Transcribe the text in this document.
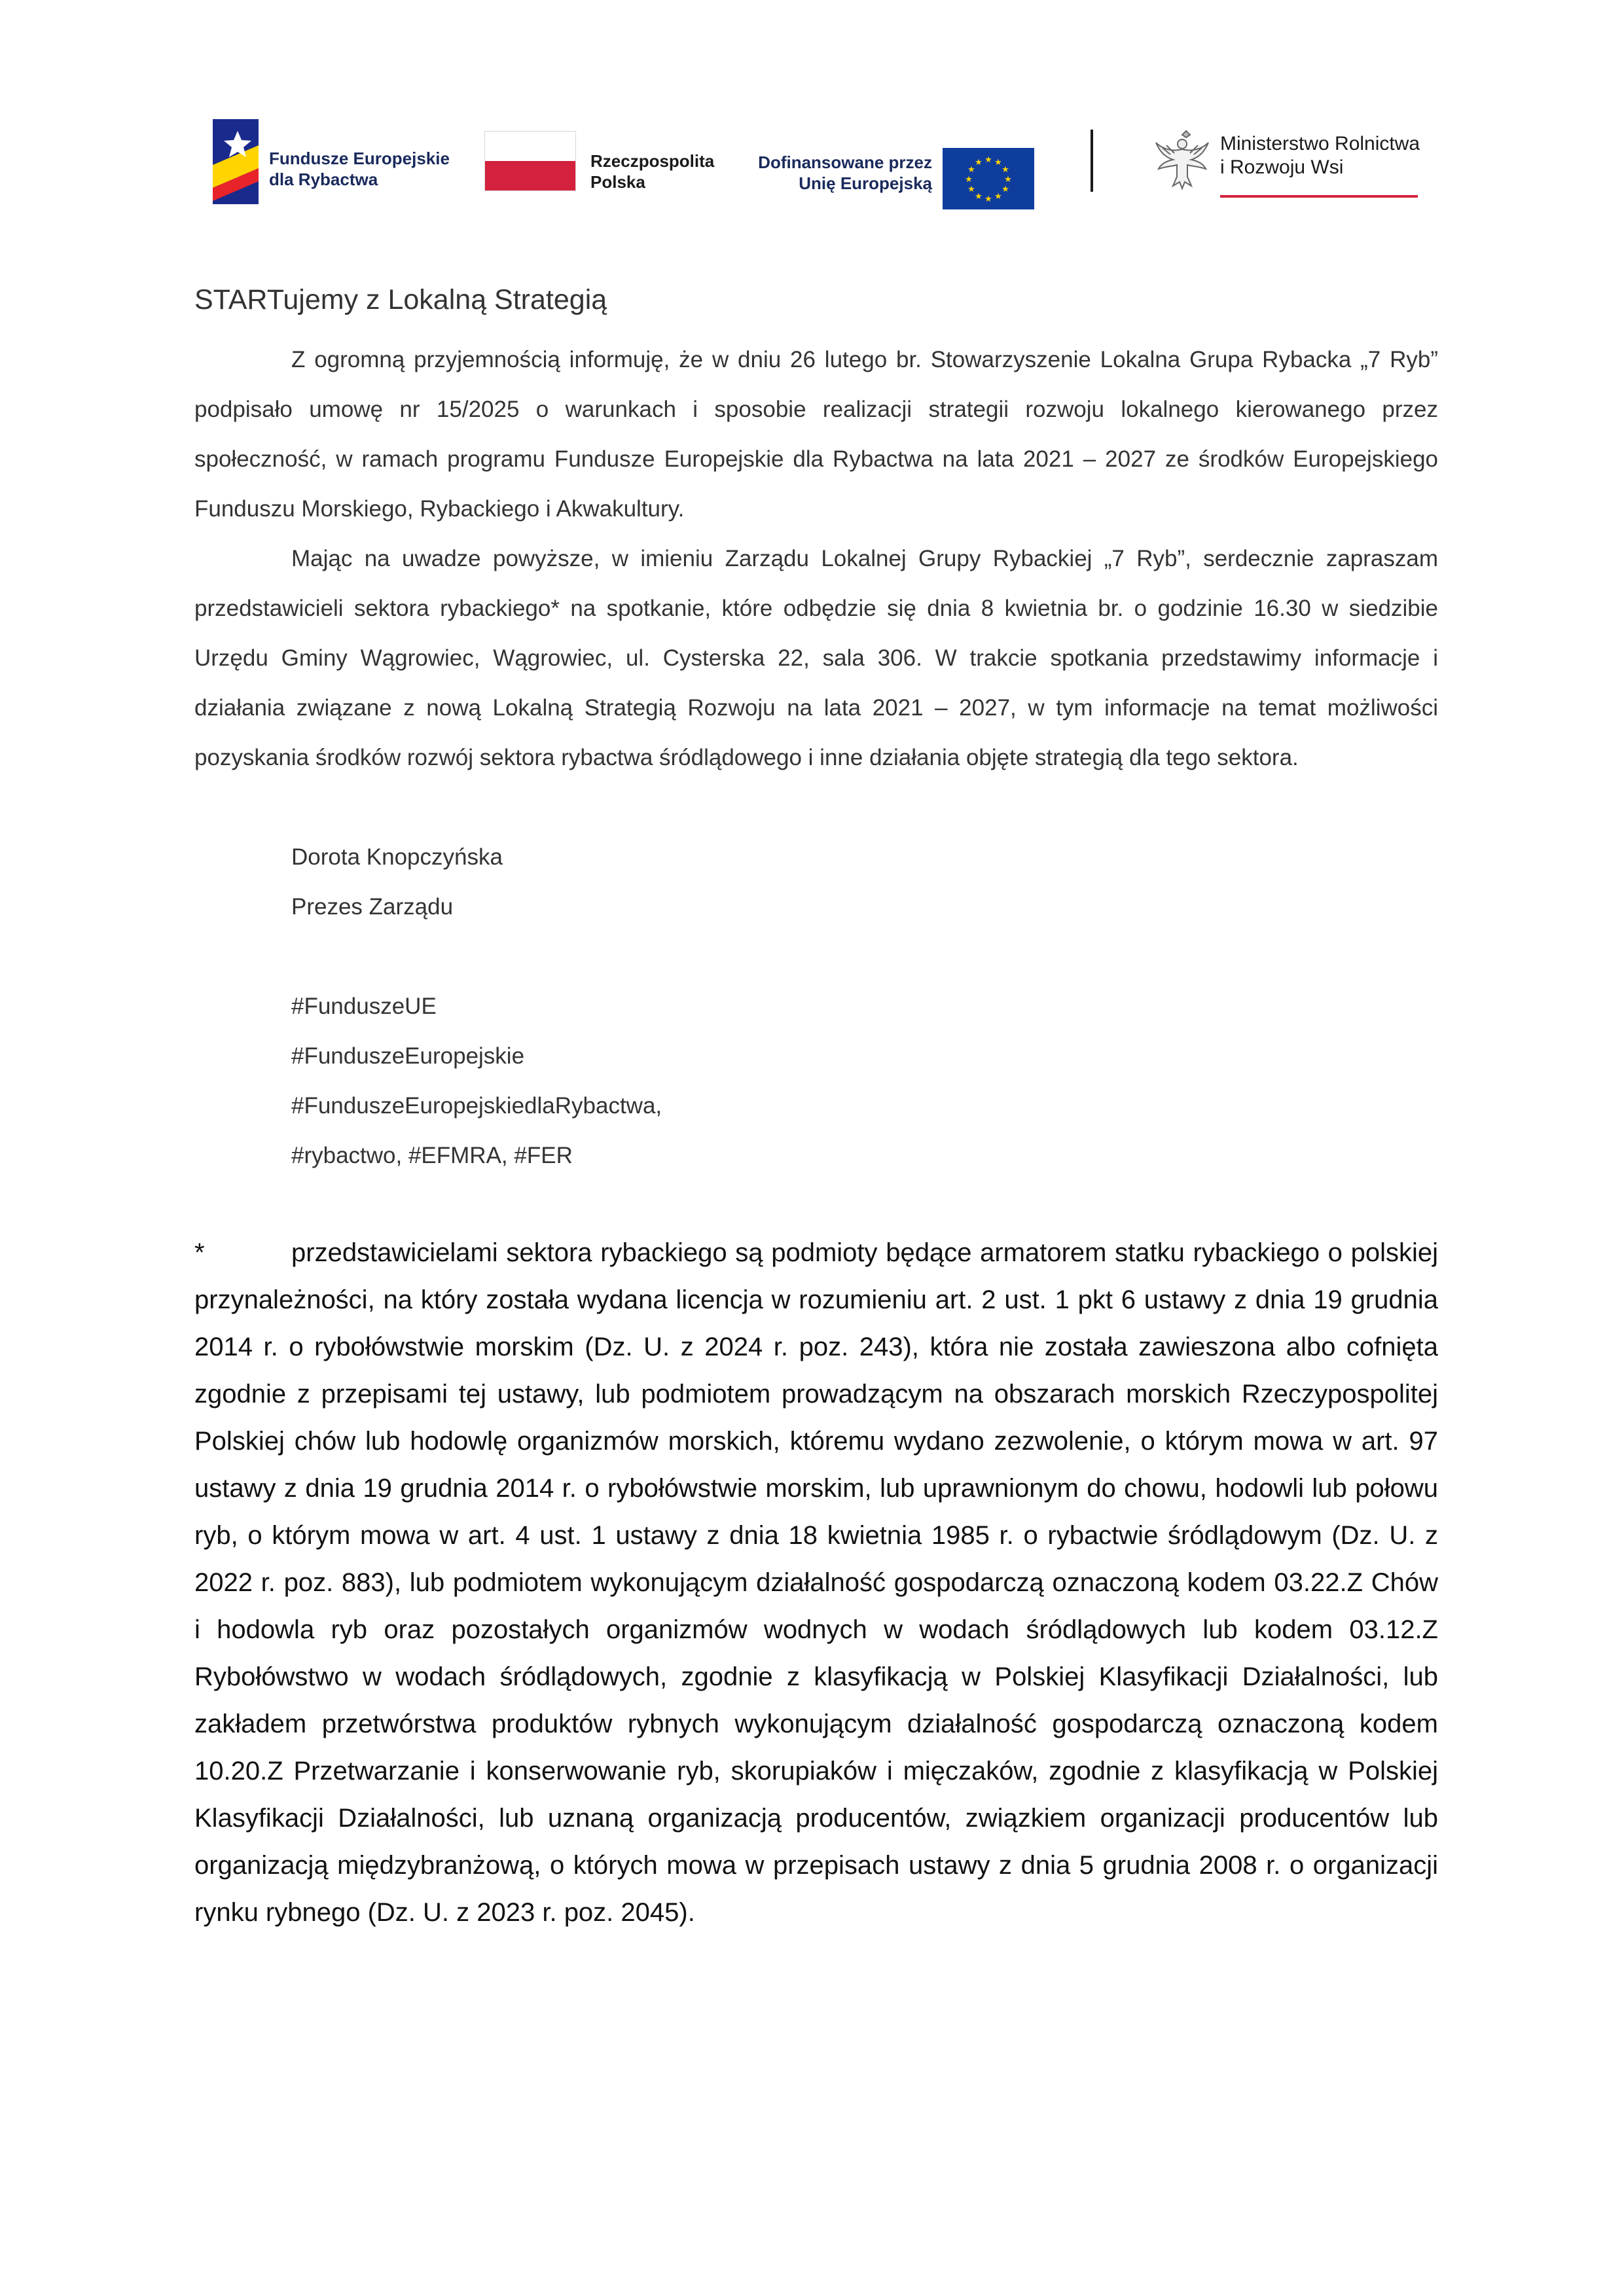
Fundusze Europejskie
dla Rybactwa
Rzeczpospolita
Polska
Dofinansowane przez
Unię Europejską
★ ★
★
★
★
★
★
★
★
★
★
★
Ministerstwo Rolnictwa
i Rozwoju Wsi
STARTujemy z Lokalną Strategią

Z ogromną przyjemnością informuję, że w dniu 26 lutego br. Stowarzyszenie Lokalna Grupa Rybacka „7 Ryb” podpisało umowę nr 15/2025 o warunkach i sposobie realizacji strategii rozwoju lokalnego kierowanego przez społeczność, w ramach programu Fundusze Europejskie dla Rybactwa na lata 2021 – 2027 ze środków Europejskiego Funduszu Morskiego, Rybackiego i Akwakultury.

Mając na uwadze powyższe, w imieniu Zarządu Lokalnej Grupy Rybackiej „7 Ryb”, serdecznie zapraszam przedstawicieli sektora rybackiego* na spotkanie, które odbędzie się dnia 8 kwietnia br. o godzinie 16.30 w siedzibie Urzędu Gminy Wągrowiec, Wągrowiec, ul. Cysterska 22, sala 306. W trakcie spotkania przedstawimy informacje i działania związane z nową Lokalną Strategią Rozwoju na lata 2021 – 2027, w tym informacje na temat możliwości pozyskania środków rozwój sektora rybactwa śródlądowego i inne działania objęte strategią dla tego sektora.

Dorota Knopczyńska

Prezes Zarządu

#FunduszeUE

#FunduszeEuropejskie

#FunduszeEuropejskiedlaRybactwa,

#rybactwo, #EFMRA, #FER

*	przedstawicielami sektora rybackiego są podmioty będące armatorem statku rybackiego o polskiej przynależności, na który została wydana licencja w rozumieniu art. 2 ust. 1 pkt 6 ustawy z dnia 19 grudnia 2014 r. o rybołówstwie morskim (Dz. U. z 2024 r. poz. 243), która nie została zawieszona albo cofnięta zgodnie z przepisami tej ustawy, lub podmiotem prowadzącym na obszarach morskich Rzeczypospolitej Polskiej chów lub hodowlę organizmów morskich, któremu wydano zezwolenie, o którym mowa w art. 97 ustawy z dnia 19 grudnia 2014 r. o rybołówstwie morskim, lub uprawnionym do chowu, hodowli lub połowu ryb, o którym mowa w art. 4 ust. 1 ustawy z dnia 18 kwietnia 1985 r. o rybactwie śródlądowym (Dz. U. z 2022 r. poz. 883), lub podmiotem wykonującym działalność gospodarczą oznaczoną kodem 03.22.Z Chów i hodowla ryb oraz pozostałych organizmów wodnych w wodach śródlądowych lub kodem 03.12.Z Rybołówstwo w wodach śródlądowych, zgodnie z klasyfikacją w Polskiej Klasyfikacji Działalności, lub zakładem przetwórstwa produktów rybnych wykonującym działalność gospodarczą oznaczoną kodem 10.20.Z Przetwarzanie i konserwowanie ryb, skorupiaków i mięczaków, zgodnie z klasyfikacją w Polskiej Klasyfikacji Działalności, lub uznaną organizacją producentów, związkiem organizacji producentów lub organizacją międzybranżową, o których mowa w przepisach ustawy z dnia 5 grudnia 2008 r. o organizacji rynku rybnego (Dz. U. z 2023 r. poz. 2045).
